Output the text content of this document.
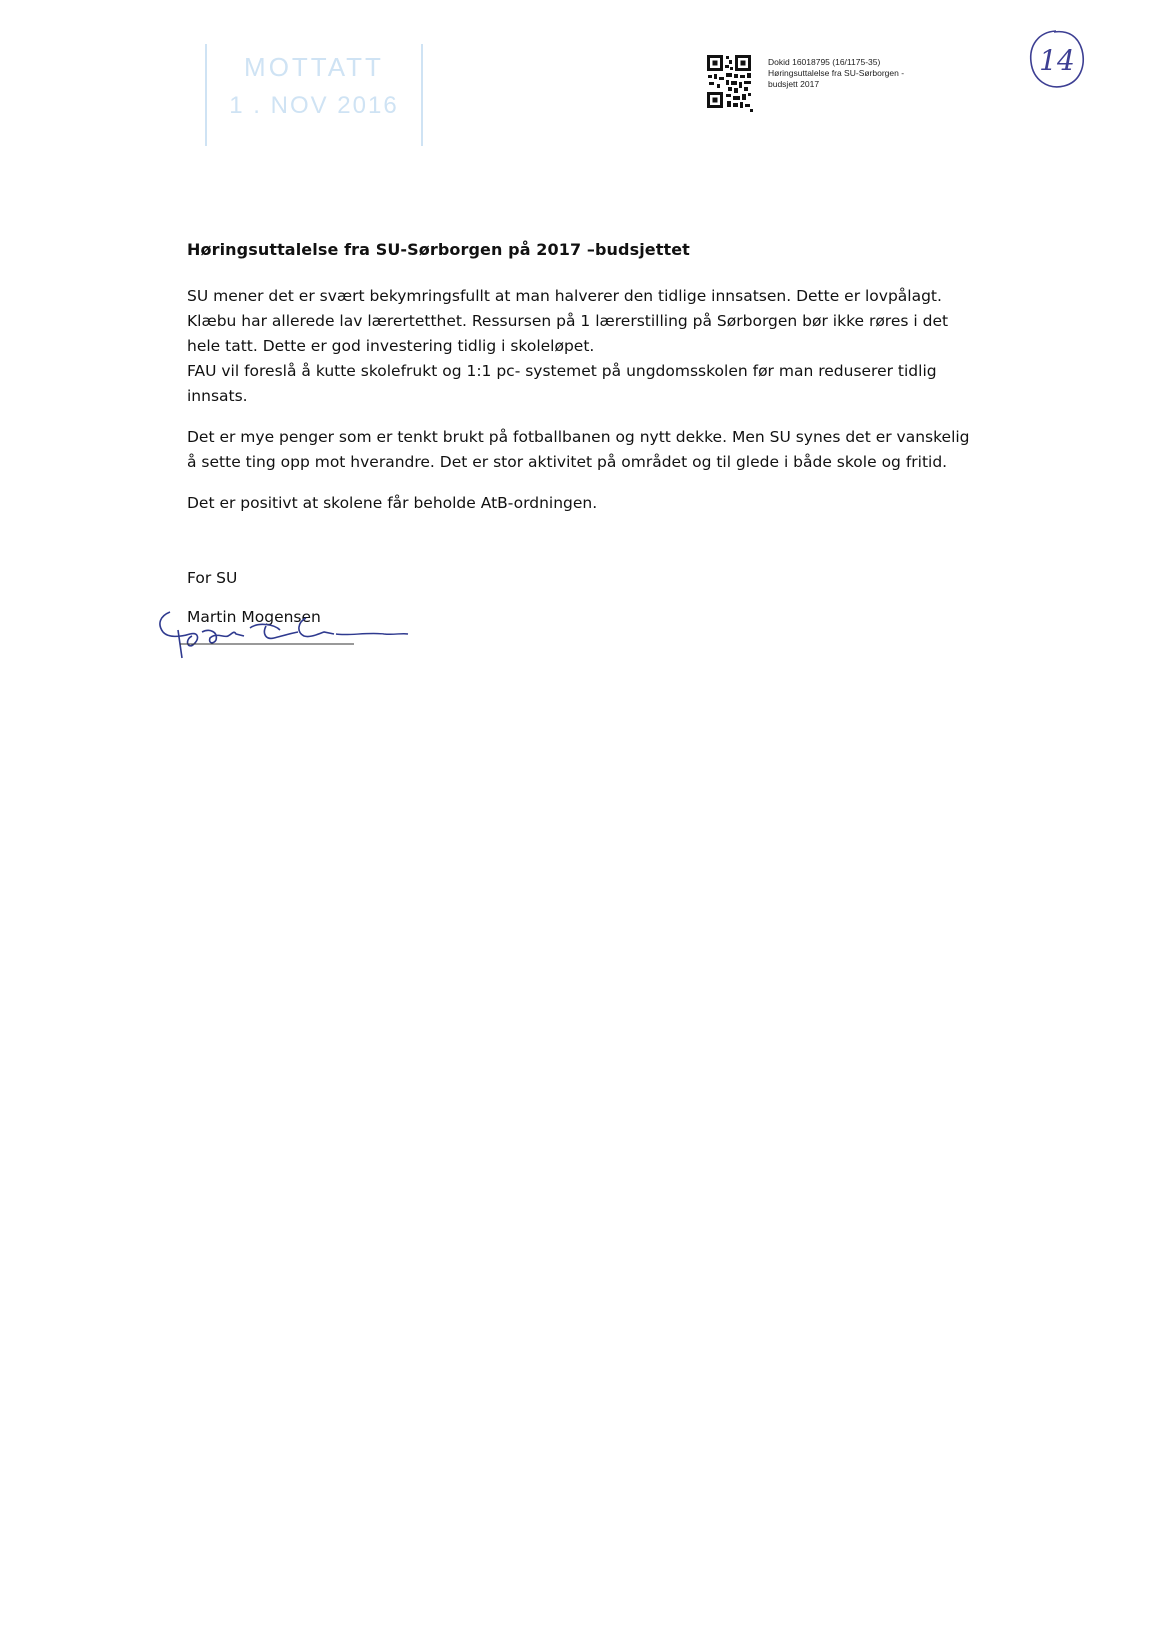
MOTTATT
1 . NOV 2016
Dokid 16018795 (16/1175-35)
Høringsuttalelse fra SU-Sørborgen -
budsjett 2017
14
Høringsuttalelse fra SU-Sørborgen på 2017 –budsjettet
SU mener det er svært bekymringsfullt at man halverer den tidlige innsatsen. Dette er lovpålagt.
Klæbu har allerede lav lærertetthet. Ressursen på 1 lærerstilling på Sørborgen bør ikke røres i det
hele tatt. Dette er god investering tidlig i skoleløpet.
FAU vil foreslå å kutte skolefrukt og 1:1 pc- systemet på ungdomsskolen før man reduserer tidlig
innsats.
Det er mye penger som er tenkt brukt på fotballbanen og nytt dekke. Men SU synes det er vanskelig
å sette ting opp mot hverandre. Det er stor aktivitet på området og til glede i både skole og fritid.
Det er positivt at skolene får beholde AtB-ordningen.
For SU
Martin Mogensen
